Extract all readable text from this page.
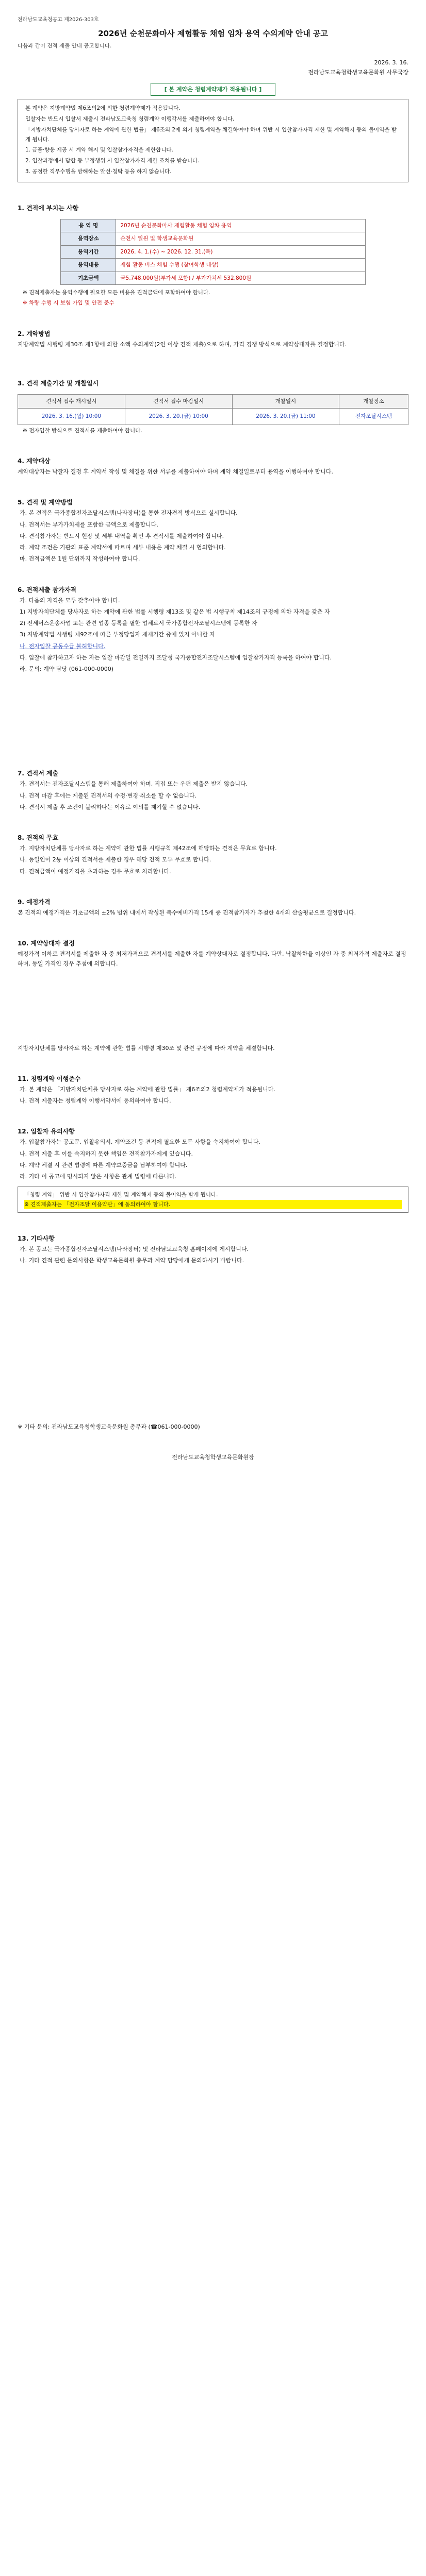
전라남도교육청공고 제2026-303호
2026년 순천문화마사 제험활동 채험 임차 용역 수의계약 안내 공고
다음과 같이 견적 제출 안내 공고합니다.
2026. 3. 16.
전라남도교육청학생교육문화원 사무국장
[ 본 계약은 청렴계약제가 적용됩니다 ]

본 계약은 지방계약법 제6조의2에 의한 청렴계약제가 적용됩니다.

입찰자는 반드시 입찰서 제출시 전라남도교육청 청렴계약 이행각서를 제출하여야 합니다.

「지방자치단체를 당사자로 하는 계약에 관한 법률」 제6조의 2에 의거 청렴계약을 체결하여야 하며 위반 시 입찰참가자격 제한 및 계약해지 등의 불이익을 받게 됩니다.

1. 금품·향응 제공 시 계약 해지 및 입찰참가자격을 제한합니다.

2. 입찰과정에서 담합 등 부정행위 시 입찰참가자격 제한 조치를 받습니다.

3. 공정한 직무수행을 방해하는 알선·청탁 등을 하지 않습니다.

1. 견적에 부치는 사항
용 역 명	2026년 순천문화마사 제험활동 채험 임차 용역
용역장소	순천시 일원 및 학생교육문화원
용역기간	2026. 4. 1.(수) ~ 2026. 12. 31.(목)
용역내용	제험 활동 버스 채험 수행 (참여학생 대상)
기초금액	금5,748,000원(부가세 포함) / 부가가치세 532,800원
※ 견적제출자는 용역수행에 필요한 모든 비용을 견적금액에 포함하여야 합니다.
※ 차량 수행 시 보험 가입 및 안전 준수
2. 계약방법

지방계약법 시행령 제30조 제1항에 의한 소액 수의계약(2인 이상 견적 제출)으로 하며, 가격 경쟁 방식으로 계약상대자를 결정합니다.

3. 견적 제출기간 및 개찰일시
견적서 접수 개시일시	견적서 접수 마감일시	개찰일시	개찰장소
2026. 3. 16.(월) 10:00	2026. 3. 20.(금) 10:00	2026. 3. 20.(금) 11:00	전자조달시스템
※ 전자입찰 방식으로 견적서를 제출하여야 합니다.
4. 계약대상

계약대상자는 낙찰자 결정 후 계약서 작성 및 체결을 위한 서류를 제출하여야 하며 계약 체결일로부터 용역을 이행하여야 합니다.

5. 견적 및 계약방법

가. 본 견적은 국가종합전자조달시스템(나라장터)을 통한 전자견적 방식으로 실시합니다.

나. 견적서는 부가가치세를 포함한 금액으로 제출합니다.

다. 견적참가자는 반드시 현장 및 세부 내역을 확인 후 견적서를 제출하여야 합니다.

라. 계약 조건은 기관의 표준 계약서에 따르며 세부 내용은 계약 체결 시 협의합니다.

마. 견적금액은 1원 단위까지 작성하여야 합니다.

6. 견적제출 참가자격

가. 다음의 자격을 모두 갖추어야 합니다.

1) 지방자치단체를 당사자로 하는 계약에 관한 법률 시행령 제13조 및 같은 법 시행규칙 제14조의 규정에 의한 자격을 갖춘 자

2) 전세버스운송사업 또는 관련 업종 등록을 필한 업체로서 국가종합전자조달시스템에 등록한 자

3) 지방계약법 시행령 제92조에 따른 부정당업자 제재기간 중에 있지 아니한 자

나. 전자입찰 공동수급 불허합니다.

다. 입찰에 참가하고자 하는 자는 입찰 마감일 전일까지 조달청 국가종합전자조달시스템에 입찰참가자격 등록을 하여야 합니다.

라. 문의: 계약 담당 (061-000-0000)

7. 견적서 제출

가. 견적서는 전자조달시스템을 통해 제출하여야 하며, 직접 또는 우편 제출은 받지 않습니다.

나. 견적 마감 후에는 제출된 견적서의 수정·변경·취소를 할 수 없습니다.

다. 견적서 제출 후 조건이 불리하다는 이유로 이의를 제기할 수 없습니다.

8. 견적의 무효

가. 지방자치단체를 당사자로 하는 계약에 관한 법률 시행규칙 제42조에 해당하는 견적은 무효로 합니다.

나. 동일인이 2통 이상의 견적서를 제출한 경우 해당 견적 모두 무효로 합니다.

다. 견적금액이 예정가격을 초과하는 경우 무효로 처리합니다.

9. 예정가격

본 견적의 예정가격은 기초금액의 ±2% 범위 내에서 작성된 복수예비가격 15개 중 견적참가자가 추첨한 4개의 산술평균으로 결정합니다.

10. 계약상대자 결정

예정가격 이하로 견적서를 제출한 자 중 최저가격으로 견적서를 제출한 자를 계약상대자로 결정합니다. 다만, 낙찰하한율 이상인 자 중 최저가격 제출자로 결정하며, 동일 가격인 경우 추첨에 의합니다.

지방자치단체를 당사자로 하는 계약에 관한 법률 시행령 제30조 및 관련 규정에 따라 계약을 체결합니다.

11. 청렴계약 이행준수

가. 본 계약은 「지방자치단체를 당사자로 하는 계약에 관한 법률」 제6조의2 청렴계약제가 적용됩니다.

나. 견적 제출자는 청렴계약 이행서약서에 동의하여야 합니다.

12. 입찰자 유의사항

가. 입찰참가자는 공고문, 입찰유의서, 계약조건 등 견적에 필요한 모든 사항을 숙지하여야 합니다.

나. 견적 제출 후 이를 숙지하지 못한 책임은 견적참가자에게 있습니다.

다. 계약 체결 시 관련 법령에 따른 계약보증금을 납부하여야 합니다.

라. 기타 이 공고에 명시되지 않은 사항은 관계 법령에 따릅니다.

「청렴 계약」 위반 시 입찰참가자격 제한 및 계약해지 등의 불이익을 받게 됩니다.
※ 견적제출자는 「전자조달 이용약관」에 동의하여야 합니다.
13. 기타사항

가. 본 공고는 국가종합전자조달시스템(나라장터) 및 전라남도교육청 홈페이지에 게시합니다.

나. 기타 견적 관련 문의사항은 학생교육문화원 총무과 계약 담당에게 문의하시기 바랍니다.

※ 기타 문의: 전라남도교육청학생교육문화원 총무과 (☎061-000-0000)

전라남도교육청학생교육문화원장
